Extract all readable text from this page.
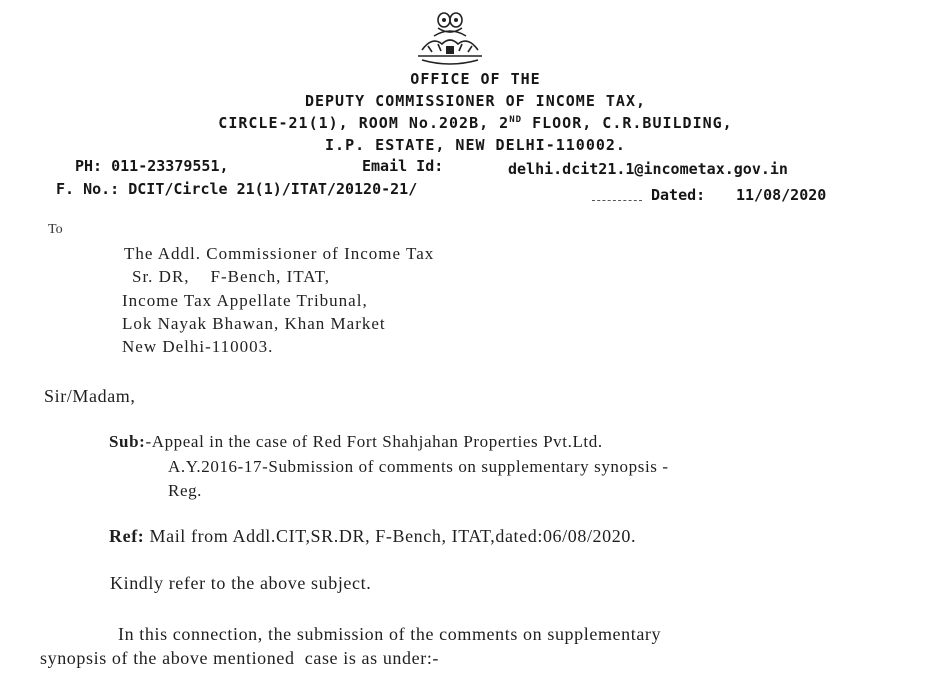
OFFICE OF THE
DEPUTY COMMISSIONER OF INCOME TAX,
CIRCLE-21(1), ROOM No.202B, 2ND FLOOR, C.R.BUILDING,
I.P. ESTATE, NEW DELHI-110002.
PH: 011-23379551,	Email Id:	delhi.dcit21.1@incometax.gov.in
F. No.: DCIT/Circle 21(1)/ITAT/20120-21/	Dated: 11/08/2020
To
The Addl. Commissioner of Income Tax
Sr. DR,    F-Bench, ITAT,
Income Tax Appellate Tribunal,
Lok Nayak Bhawan, Khan Market
New Delhi-110003.
Sir/Madam,
Sub:-Appeal in the case of Red Fort Shahjahan Properties Pvt.Ltd.
A.Y.2016-17-Submission of comments on supplementary synopsis -
Reg.
Ref: Mail from Addl.CIT,SR.DR, F-Bench, ITAT,dated:06/08/2020.
Kindly refer to the above subject.
In this connection, the submission of the comments on supplementary
synopsis of the above mentioned  case is as under:-
